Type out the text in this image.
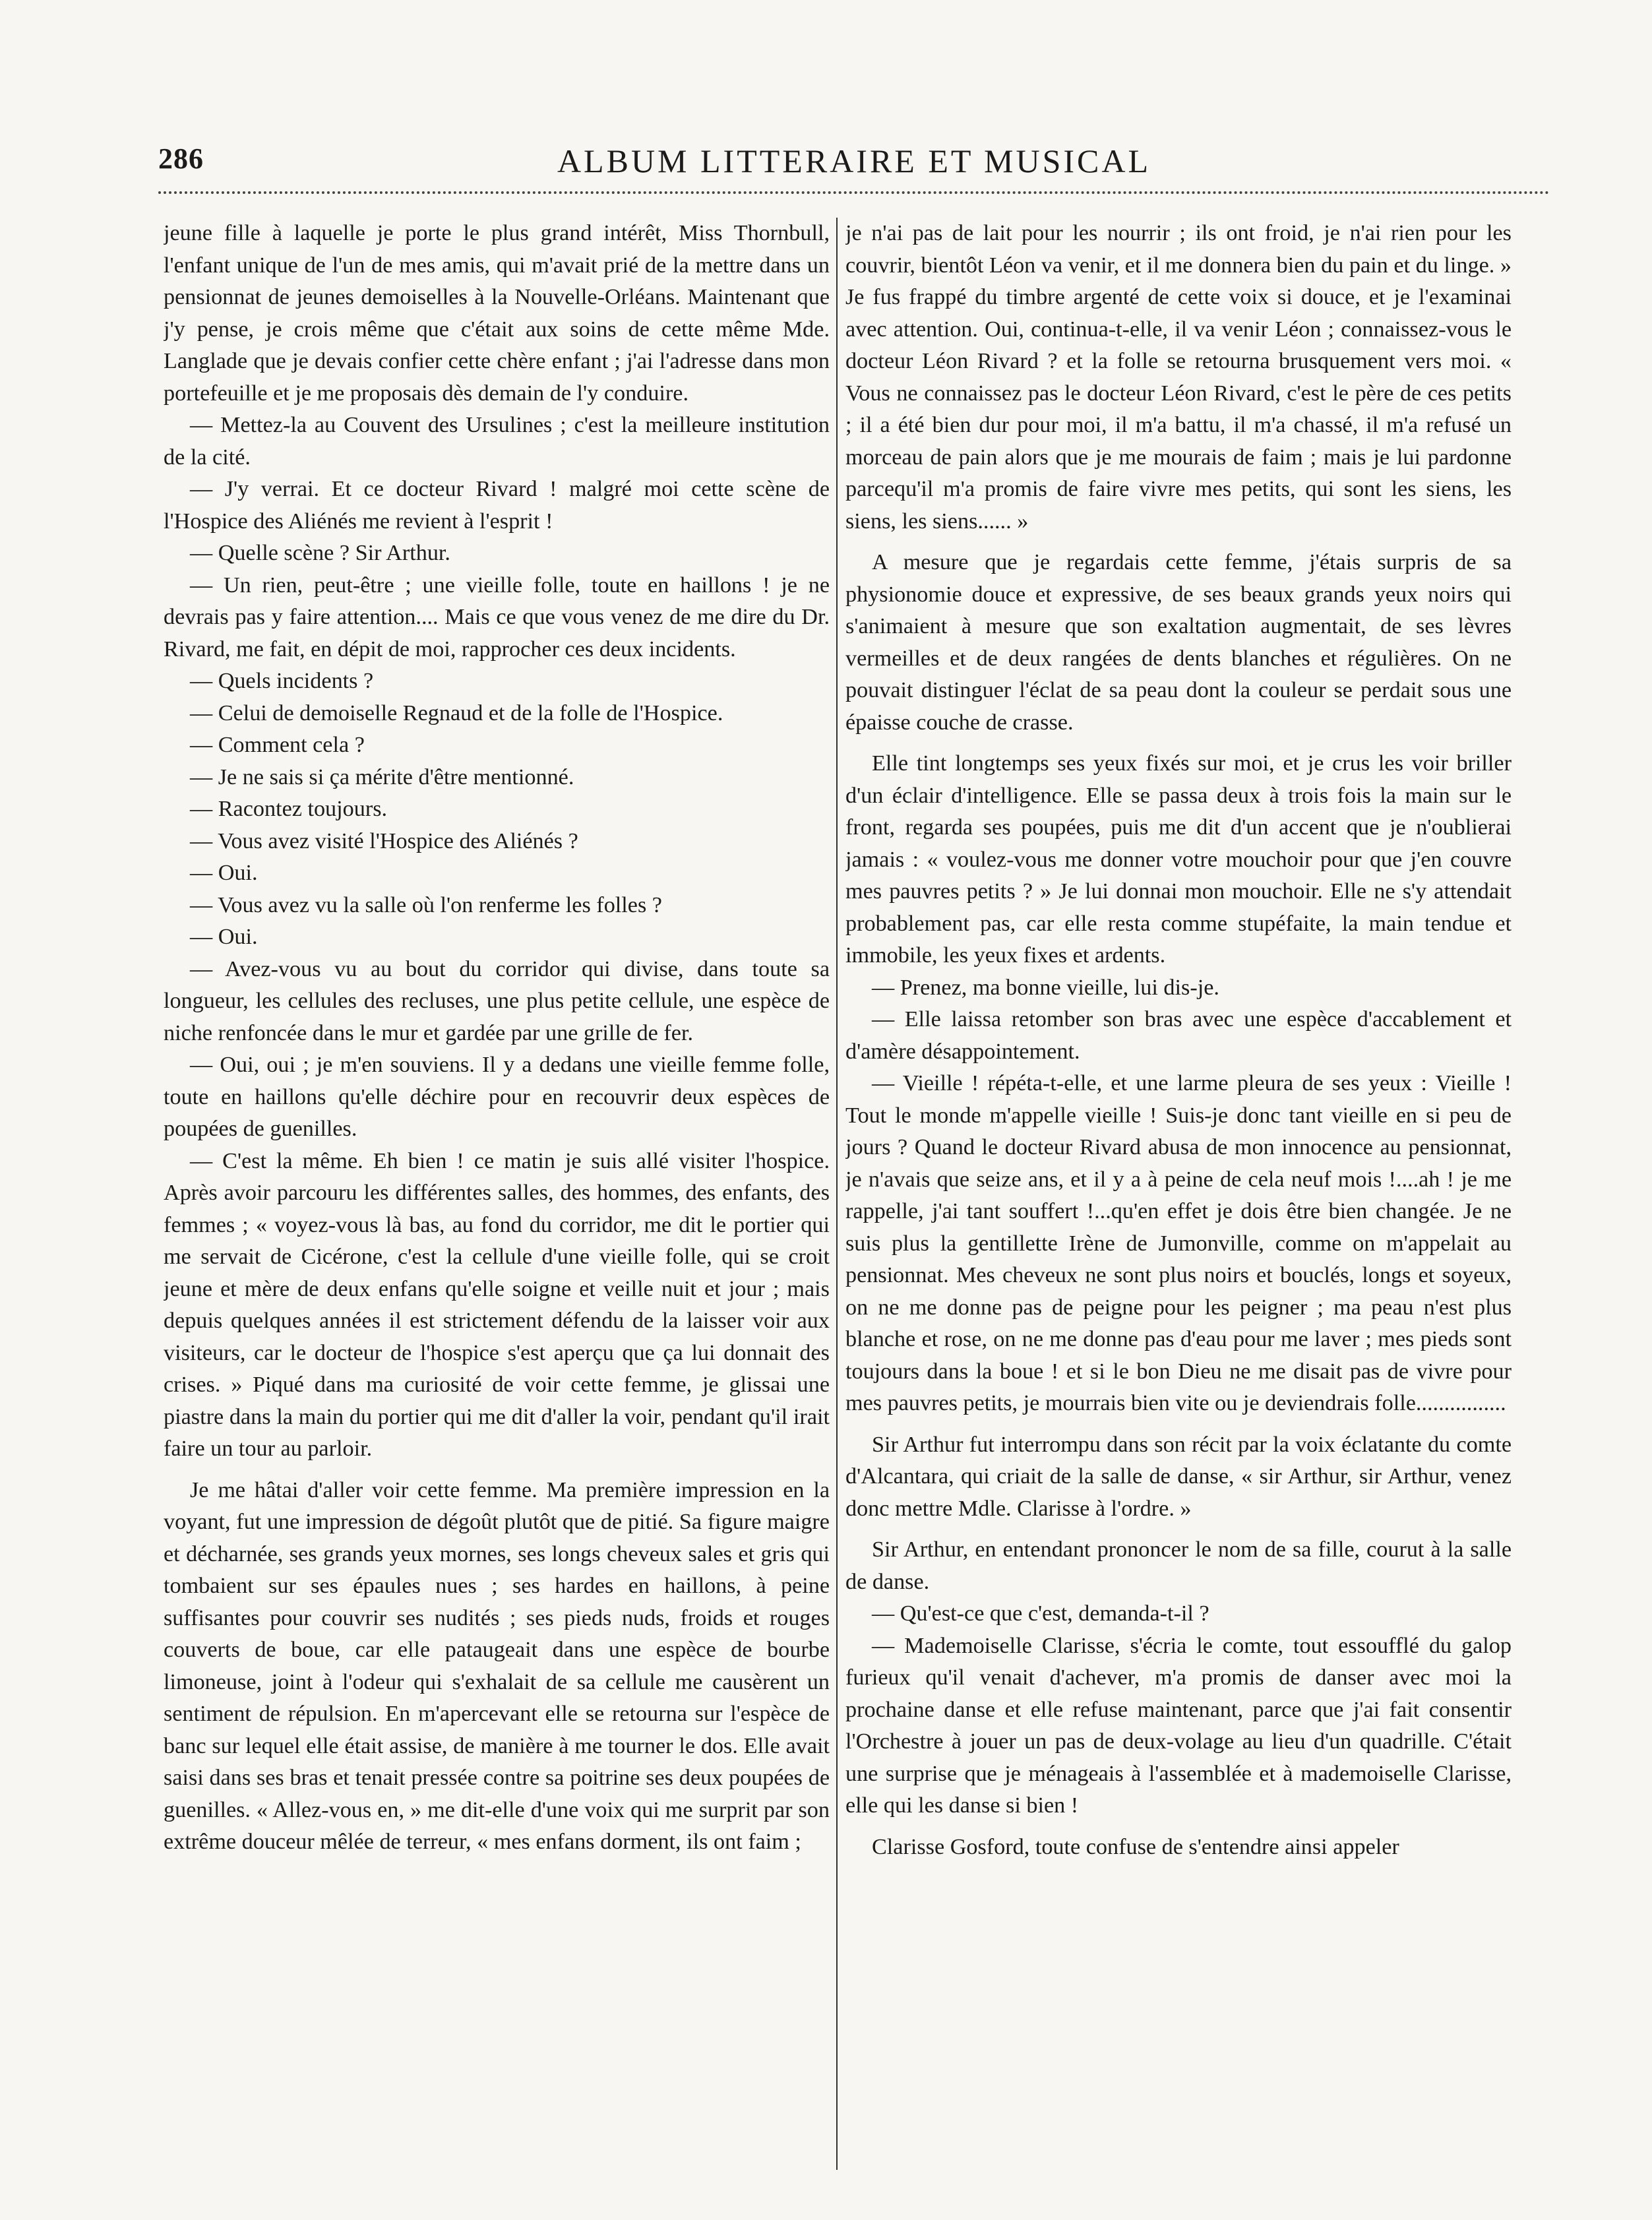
286	ALBUM LITTERAIRE ET MUSICAL

jeune fille à laquelle je porte le plus grand intérêt, Miss Thornbull, l'enfant unique de l'un de mes amis, qui m'avait prié de la mettre dans un pensionnat de jeunes demoiselles à la Nouvelle-Orléans. Maintenant que j'y pense, je crois même que c'était aux soins de cette même Mde. Langlade que je devais confier cette chère enfant ; j'ai l'adresse dans mon portefeuille et je me proposais dès demain de l'y conduire.

— Mettez-la au Couvent des Ursulines ; c'est la meilleure institution de la cité.

— J'y verrai. Et ce docteur Rivard ! malgré moi cette scène de l'Hospice des Aliénés me revient à l'esprit !

— Quelle scène ? Sir Arthur.

— Un rien, peut-être ; une vieille folle, toute en haillons ! je ne devrais pas y faire attention.... Mais ce que vous venez de me dire du Dr. Rivard, me fait, en dépit de moi, rapprocher ces deux incidents.

— Quels incidents ?

— Celui de demoiselle Regnaud et de la folle de l'Hospice.

— Comment cela ?

— Je ne sais si ça mérite d'être mentionné.

— Racontez toujours.

— Vous avez visité l'Hospice des Aliénés ?

— Oui.

— Vous avez vu la salle où l'on renferme les folles ?

— Oui.

— Avez-vous vu au bout du corridor qui divise, dans toute sa longueur, les cellules des recluses, une plus petite cellule, une espèce de niche renfoncée dans le mur et gardée par une grille de fer.

— Oui, oui ; je m'en souviens. Il y a dedans une vieille femme folle, toute en haillons qu'elle déchire pour en recouvrir deux espèces de poupées de guenilles.

— C'est la même. Eh bien ! ce matin je suis allé visiter l'hospice. Après avoir parcouru les différentes salles, des hommes, des enfants, des femmes ; « voyez-vous là bas, au fond du corridor, me dit le portier qui me servait de Cicérone, c'est la cellule d'une vieille folle, qui se croit jeune et mère de deux enfans qu'elle soigne et veille nuit et jour ; mais depuis quelques années il est strictement défendu de la laisser voir aux visiteurs, car le docteur de l'hospice s'est aperçu que ça lui donnait des crises. » Piqué dans ma curiosité de voir cette femme, je glissai une piastre dans la main du portier qui me dit d'aller la voir, pendant qu'il irait faire un tour au parloir.

Je me hâtai d'aller voir cette femme. Ma première impression en la voyant, fut une impression de dégoût plutôt que de pitié. Sa figure maigre et décharnée, ses grands yeux mornes, ses longs cheveux sales et gris qui tombaient sur ses épaules nues ; ses hardes en haillons, à peine suffisantes pour couvrir ses nudités ; ses pieds nuds, froids et rouges couverts de boue, car elle pataugeait dans une espèce de bourbe limoneuse, joint à l'odeur qui s'exhalait de sa cellule me causèrent un sentiment de répulsion. En m'apercevant elle se retourna sur l'espèce de banc sur lequel elle était assise, de manière à me tourner le dos. Elle avait saisi dans ses bras et tenait pressée contre sa poitrine ses deux poupées de guenilles. « Allez-vous en, » me dit-elle d'une voix qui me surprit par son extrême douceur mêlée de terreur, « mes enfans dorment, ils ont faim ;

je n'ai pas de lait pour les nourrir ; ils ont froid, je n'ai rien pour les couvrir, bientôt Léon va venir, et il me donnera bien du pain et du linge. » Je fus frappé du timbre argenté de cette voix si douce, et je l'examinai avec attention. Oui, continua-t-elle, il va venir Léon ; connaissez-vous le docteur Léon Rivard ? et la folle se retourna brusquement vers moi. « Vous ne connaissez pas le docteur Léon Rivard, c'est le père de ces petits ; il a été bien dur pour moi, il m'a battu, il m'a chassé, il m'a refusé un morceau de pain alors que je me mourais de faim ; mais je lui pardonne parcequ'il m'a promis de faire vivre mes petits, qui sont les siens, les siens, les siens...... »

A mesure que je regardais cette femme, j'étais surpris de sa physionomie douce et expressive, de ses beaux grands yeux noirs qui s'animaient à mesure que son exaltation augmentait, de ses lèvres vermeilles et de deux rangées de dents blanches et régulières. On ne pouvait distinguer l'éclat de sa peau dont la couleur se perdait sous une épaisse couche de crasse.

Elle tint longtemps ses yeux fixés sur moi, et je crus les voir briller d'un éclair d'intelligence. Elle se passa deux à trois fois la main sur le front, regarda ses poupées, puis me dit d'un accent que je n'oublierai jamais : « voulez-vous me donner votre mouchoir pour que j'en couvre mes pauvres petits ? » Je lui donnai mon mouchoir. Elle ne s'y attendait probablement pas, car elle resta comme stupéfaite, la main tendue et immobile, les yeux fixes et ardents.

— Prenez, ma bonne vieille, lui dis-je.

— Elle laissa retomber son bras avec une espèce d'accablement et d'amère désappointement.

— Vieille ! répéta-t-elle, et une larme pleura de ses yeux : Vieille ! Tout le monde m'appelle vieille ! Suis-je donc tant vieille en si peu de jours ? Quand le docteur Rivard abusa de mon innocence au pensionnat, je n'avais que seize ans, et il y a à peine de cela neuf mois !....ah ! je me rappelle, j'ai tant souffert !...qu'en effet je dois être bien changée. Je ne suis plus la gentillette Irène de Jumonville, comme on m'appelait au pensionnat. Mes cheveux ne sont plus noirs et bouclés, longs et soyeux, on ne me donne pas de peigne pour les peigner ; ma peau n'est plus blanche et rose, on ne me donne pas d'eau pour me laver ; mes pieds sont toujours dans la boue ! et si le bon Dieu ne me disait pas de vivre pour mes pauvres petits, je mourrais bien vite ou je deviendrais folle................

Sir Arthur fut interrompu dans son récit par la voix éclatante du comte d'Alcantara, qui criait de la salle de danse, « sir Arthur, sir Arthur, venez donc mettre Mdle. Clarisse à l'ordre. »

Sir Arthur, en entendant prononcer le nom de sa fille, courut à la salle de danse.

— Qu'est-ce que c'est, demanda-t-il ?

— Mademoiselle Clarisse, s'écria le comte, tout essoufflé du galop furieux qu'il venait d'achever, m'a promis de danser avec moi la prochaine danse et elle refuse maintenant, parce que j'ai fait consentir l'Orchestre à jouer un pas de deux-volage au lieu d'un quadrille. C'était une surprise que je ménageais à l'assemblée et à mademoiselle Clarisse, elle qui les danse si bien !

Clarisse Gosford, toute confuse de s'entendre ainsi appeler
